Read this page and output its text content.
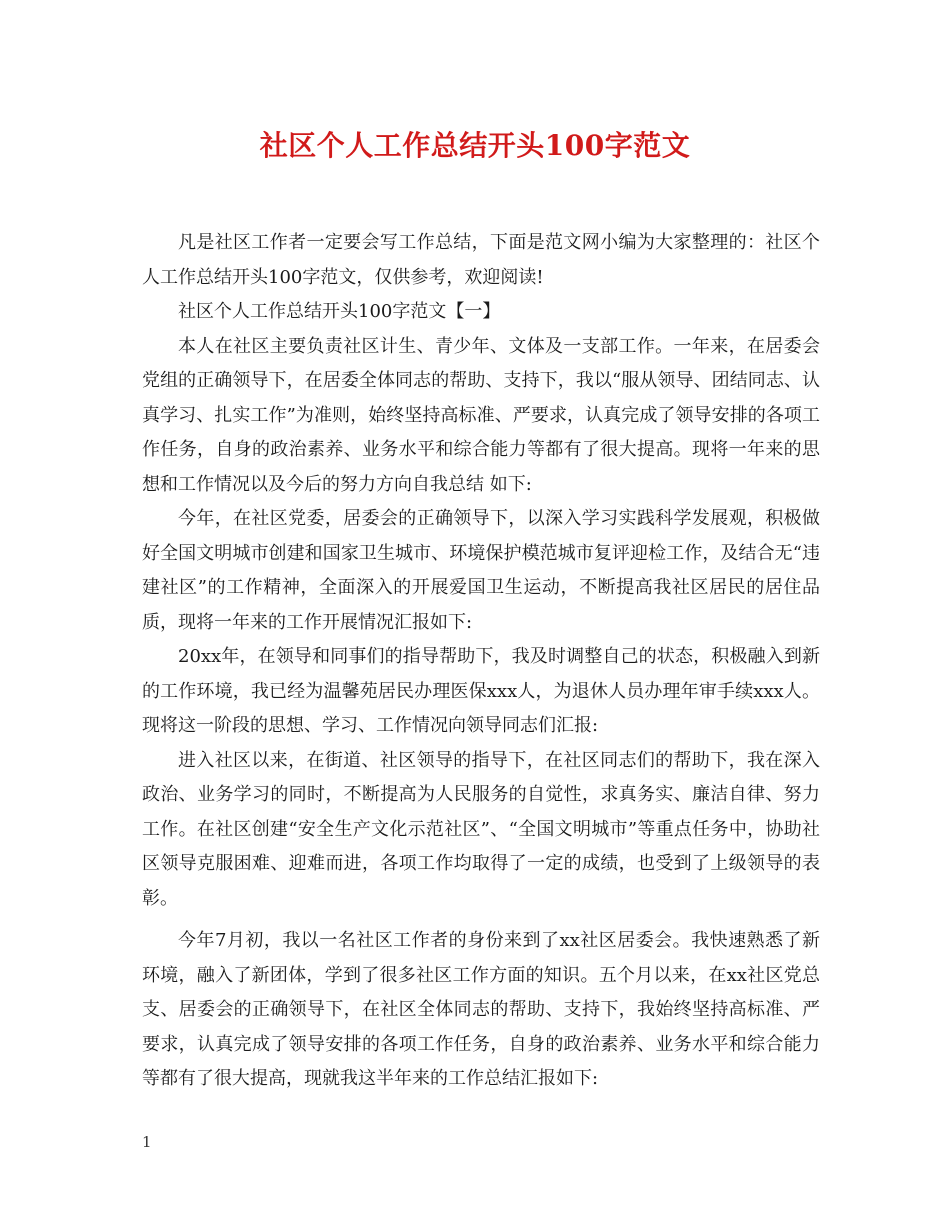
社区个人工作总结开头100字范文

凡是社区工作者一定要会写工作总结，下面是范文网小编为大家整理的：社区个人工作总结开头100字范文，仅供参考，欢迎阅读!

社区个人工作总结开头100字范文【一】

本人在社区主要负责社区计生、青少年、文体及一支部工作。一年来，在居委会党组的正确领导下，在居委全体同志的帮助、支持下，我以“服从领导、团结同志、认真学习、扎实工作”为准则，始终坚持高标准、严要求，认真完成了领导安排的各项工作任务，自身的政治素养、业务水平和综合能力等都有了很大提高。现将一年来的思想和工作情况以及今后的努力方向自我总结 如下:

今年，在社区党委，居委会的正确领导下，以深入学习实践科学发展观，积极做好全国文明城市创建和国家卫生城市、环境保护模范城市复评迎检工作，及结合无“违建社区”的工作精神，全面深入的开展爱国卫生运动，不断提高我社区居民的居住品质，现将一年来的工作开展情况汇报如下:

20xx年，在领导和同事们的指导帮助下，我及时调整自己的状态，积极融入到新的工作环境，我已经为温馨苑居民办理医保xxx人，为退休人员办理年审手续xxx人。现将这一阶段的思想、学习、工作情况向领导同志们汇报:

进入社区以来，在街道、社区领导的指导下，在社区同志们的帮助下，我在深入政治、业务学习的同时，不断提高为人民服务的自觉性，求真务实、廉洁自律、努力工作。在社区创建“安全生产文化示范社区”、“全国文明城市”等重点任务中，协助社区领导克服困难、迎难而进，各项工作均取得了一定的成绩，也受到了上级领导的表彰。

今年7月初，我以一名社区工作者的身份来到了xx社区居委会。我快速熟悉了新环境，融入了新团体，学到了很多社区工作方面的知识。五个月以来，在xx社区党总支、居委会的正确领导下，在社区全体同志的帮助、支持下，我始终坚持高标准、严要求，认真完成了领导安排的各项工作任务，自身的政治素养、业务水平和综合能力等都有了很大提高，现就我这半年来的工作总结汇报如下:

1
